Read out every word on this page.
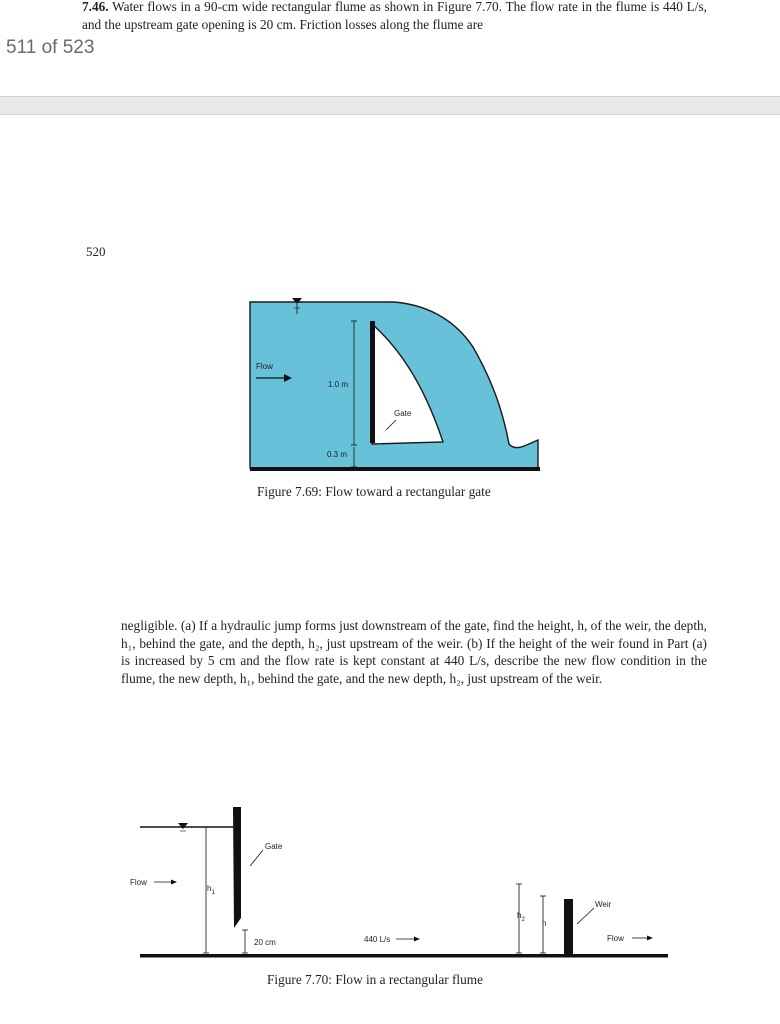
7.46. Water flows in a 90-cm wide rectangular flume as shown in Figure 7.70. The flow rate in the flume is 440 L/s, and the upstream gate opening is 20 cm. Friction losses along the flume are
511 of 523
520
Flow
1.0 m
0.3 m
Gate
Figure 7.69: Flow toward a rectangular gate
negligible. (a) If a hydraulic jump forms just downstream of the gate, find the height, h, of the weir, the depth, h₁, behind the gate, and the depth, h₂, just upstream of the weir. (b) If the height of the weir found in Part (a) is increased by 5 cm and the flow rate is kept constant at 440 L/s, describe the new flow condition in the flume, the new depth, h₁, behind the gate, and the new depth, h₂, just upstream of the weir.
Flow
Gate
$h_1$
20 cm	440 L/s
$h_2$ h
Weir
Flow
Figure 7.70: Flow in a rectangular flume
